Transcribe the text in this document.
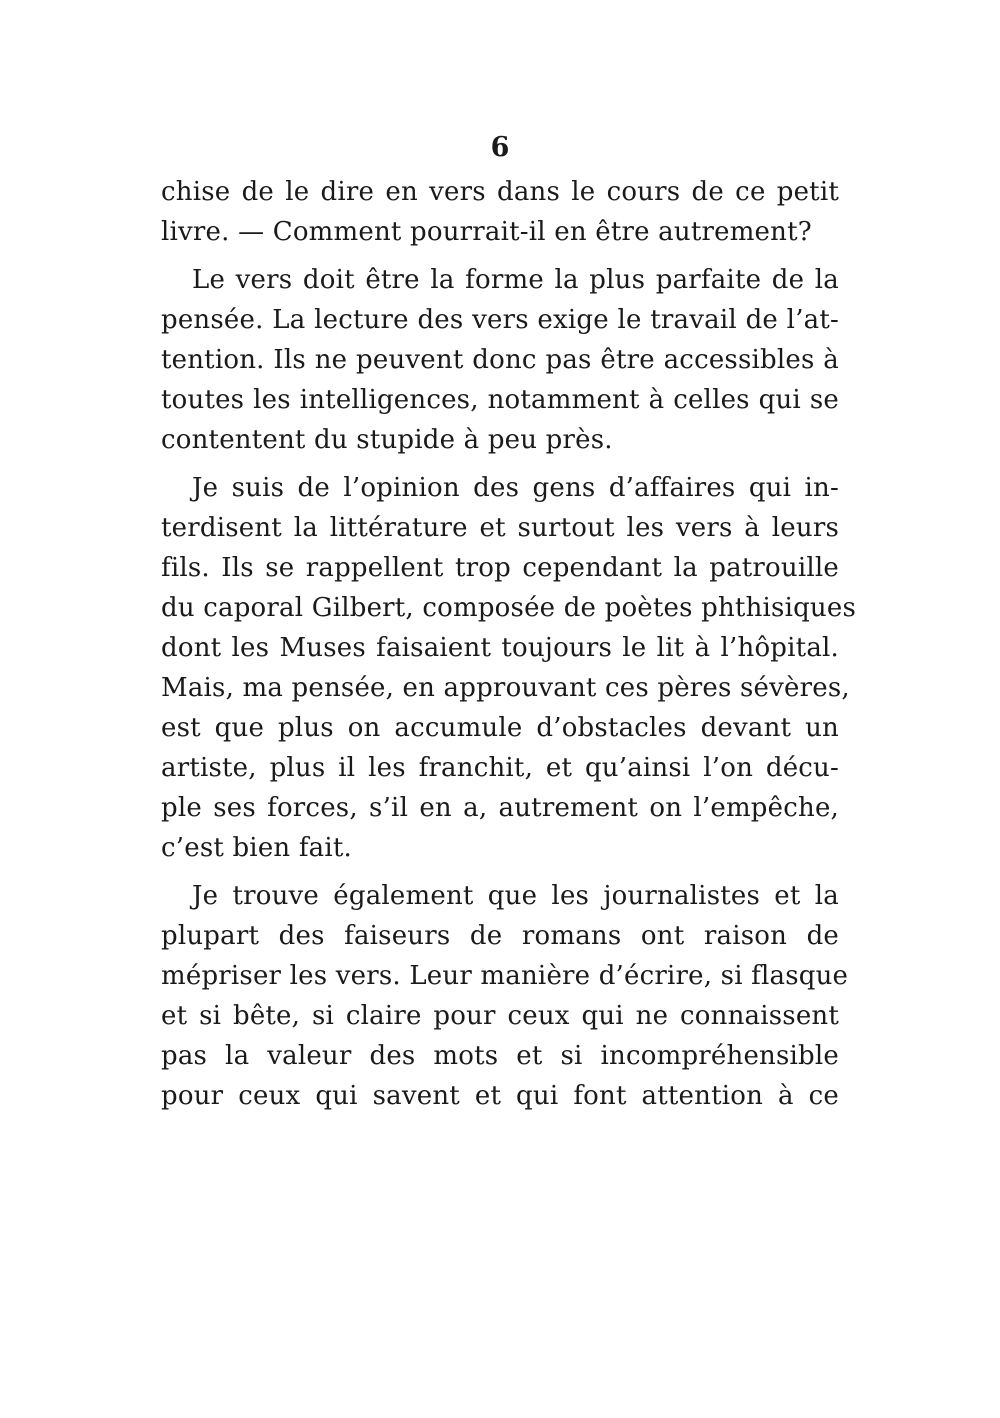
6
chise de le dire en vers dans le cours de ce petit
livre. — Comment pourrait-il en être autrement?
Le vers doit être la forme la plus parfaite de la
pensée. La lecture des vers exige le travail de l’at-
tention. Ils ne peuvent donc pas être accessibles à
toutes les intelligences, notamment à celles qui se
contentent du stupide à peu près.
Je suis de l’opinion des gens d’affaires qui in-
terdisent la littérature et surtout les vers à leurs
fils. Ils se rappellent trop cependant la patrouille
du caporal Gilbert, composée de poètes phthisiques
dont les Muses faisaient toujours le lit à l’hôpital.
Mais, ma pensée, en approuvant ces pères sévères,
est que plus on accumule d’obstacles devant un
artiste, plus il les franchit, et qu’ainsi l’on décu-
ple ses forces, s’il en a, autrement on l’empêche,
c’est bien fait.
Je trouve également que les journalistes et la
plupart des faiseurs de romans ont raison de
mépriser les vers. Leur manière d’écrire, si flasque
et si bête, si claire pour ceux qui ne connaissent
pas la valeur des mots et si incompréhensible
pour ceux qui savent et qui font attention à ce
